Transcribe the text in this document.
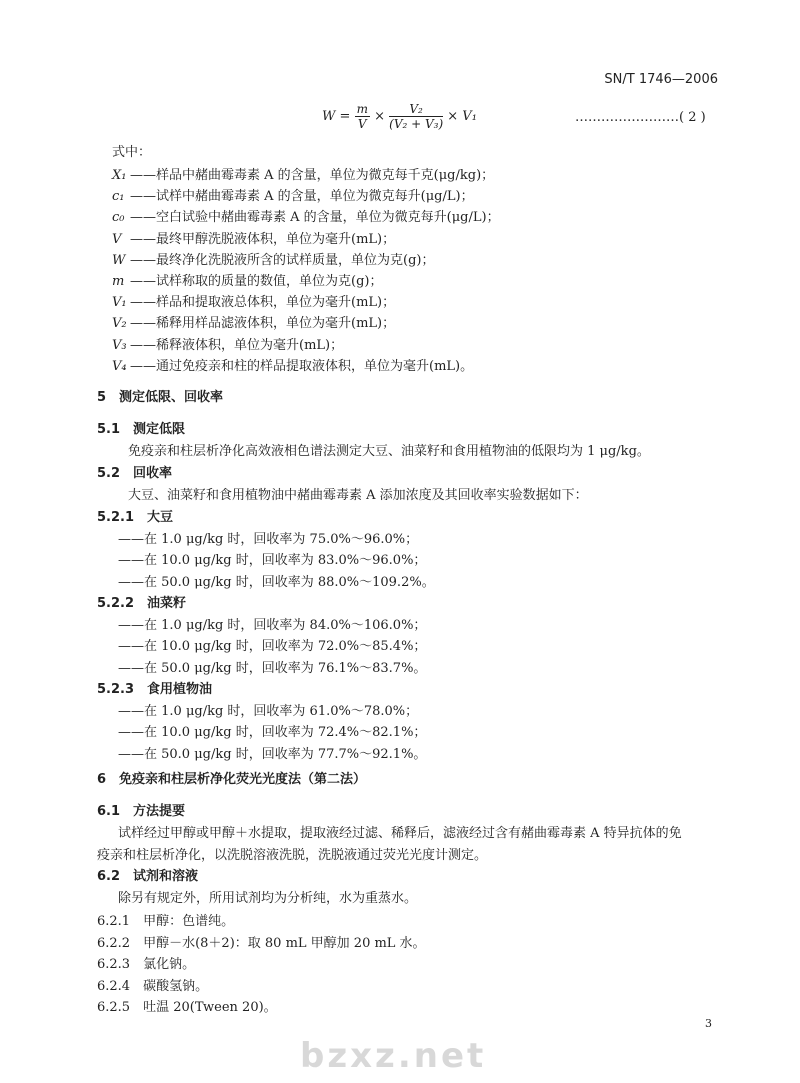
bzxz.net
SN/T 1746—2006
$W = \frac{m}{V} \times \frac{\text{V₂}}{\text{(V₂ + V₃)}} \times V_1$	……………………( 2 )
式中：
5　测定低限、回收率
5.1　测定低限
免疫亲和柱层析净化高效液相色谱法测定大豆、油菜籽和食用植物油的低限均为 1 μg/kg。
5.2　回收率
大豆、油菜籽和食用植物油中赭曲霉毒素 A 添加浓度及其回收率实验数据如下：
6　免疫亲和柱层析净化荧光光度法（第二法）
6.1　方法提要
试样经过甲醇或甲醇＋水提取，提取液经过滤、稀释后，滤液经过含有赭曲霉毒素 A 特异抗体的免
疫亲和柱层析净化，以洗脱溶液洗脱，洗脱液通过荧光光度计测定。
6.2　试剂和溶液
除另有规定外，所用试剂均为分析纯，水为重蒸水。
3
X₁ ——样品中赭曲霉毒素 A 的含量，单位为微克每千克(μg/kg)；
c₁ ——试样中赭曲霉毒素 A 的含量，单位为微克每升(μg/L)；
c₀ ——空白试验中赭曲霉毒素 A 的含量，单位为微克每升(μg/L)；
V ——最终甲醇洗脱液体积，单位为毫升(mL)；
W ——最终净化洗脱液所含的试样质量，单位为克(g)；
m ——试样称取的质量的数值，单位为克(g)；
V₁ ——样品和提取液总体积，单位为毫升(mL)；
V₂ ——稀释用样品滤液体积，单位为毫升(mL)；
V₃ ——稀释液体积，单位为毫升(mL)；
V₄ ——通过免疫亲和柱的样品提取液体积，单位为毫升(mL)。
5.2.1　大豆
——在 1.0 μg/kg 时，回收率为 75.0%～96.0%；
——在 10.0 μg/kg 时，回收率为 83.0%～96.0%；
——在 50.0 μg/kg 时，回收率为 88.0%～109.2%。
5.2.2　油菜籽
——在 1.0 μg/kg 时，回收率为 84.0%～106.0%；
——在 10.0 μg/kg 时，回收率为 72.0%～85.4%；
——在 50.0 μg/kg 时，回收率为 76.1%～83.7%。
5.2.3　食用植物油
——在 1.0 μg/kg 时，回收率为 61.0%～78.0%；
——在 10.0 μg/kg 时，回收率为 72.4%～82.1%；
——在 50.0 μg/kg 时，回收率为 77.7%～92.1%。
6.2.1　甲醇：色谱纯。
6.2.2　甲醇－水(8＋2)：取 80 mL 甲醇加 20 mL 水。
6.2.3　氯化钠。
6.2.4　碳酸氢钠。
6.2.5　吐温 20(Tween 20)。
